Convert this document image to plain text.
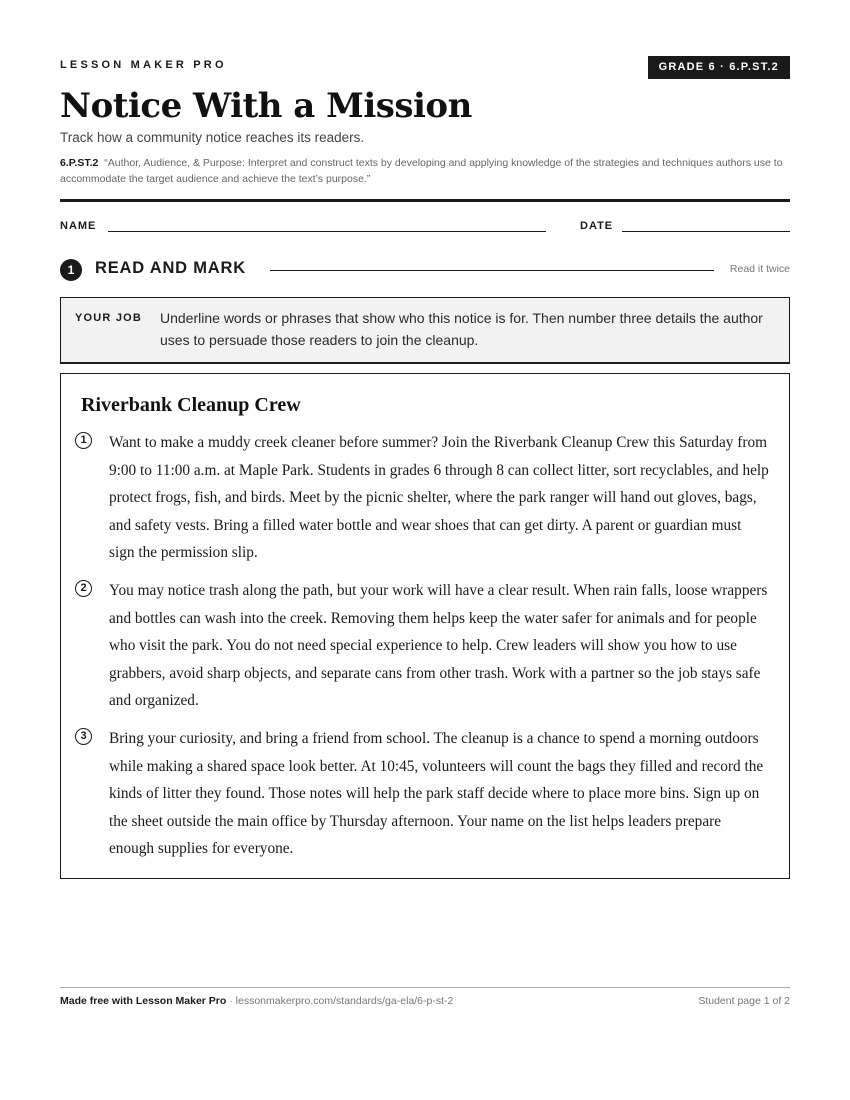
LESSON MAKER PRO	GRADE 6 · 6.P.ST.2
Notice With a Mission
Track how a community notice reaches its readers.
6.P.ST.2 “Author, Audience, & Purpose: Interpret and construct texts by developing and applying knowledge of the strategies and techniques authors use to accommodate the target audience and achieve the text’s purpose.”
NAME	DATE
1	READ AND MARK	Read it twice
YOUR JOB Underline words or phrases that show who this notice is for. Then number three details the author uses to persuade those readers to join the cleanup.
Riverbank Cleanup Crew
1	Want to make a muddy creek cleaner before summer? Join the Riverbank Cleanup Crew this Saturday from 9:00 to 11:00 a.m. at Maple Park. Students in grades 6 through 8 can collect litter, sort recyclables, and help protect frogs, fish, and birds. Meet by the picnic shelter, where the park ranger will hand out gloves, bags, and safety vests. Bring a filled water bottle and wear shoes that can get dirty. A parent or guardian must sign the permission slip.

2	You may notice trash along the path, but your work will have a clear result. When rain falls, loose wrappers and bottles can wash into the creek. Removing them helps keep the water safer for animals and for people who visit the park. You do not need special experience to help. Crew leaders will show you how to use grabbers, avoid sharp objects, and separate cans from other trash. Work with a partner so the job stays safe and organized.

3	Bring your curiosity, and bring a friend from school. The cleanup is a chance to spend a morning outdoors while making a shared space look better. At 10:45, volunteers will count the bags they filled and record the kinds of litter they found. Those notes will help the park staff decide where to place more bins. Sign up on the sheet outside the main office by Thursday afternoon. Your name on the list helps leaders prepare enough supplies for everyone.

Made free with Lesson Maker Pro · lessonmakerpro.com/standards/ga-ela/6-p-st-2	Student page 1 of 2
